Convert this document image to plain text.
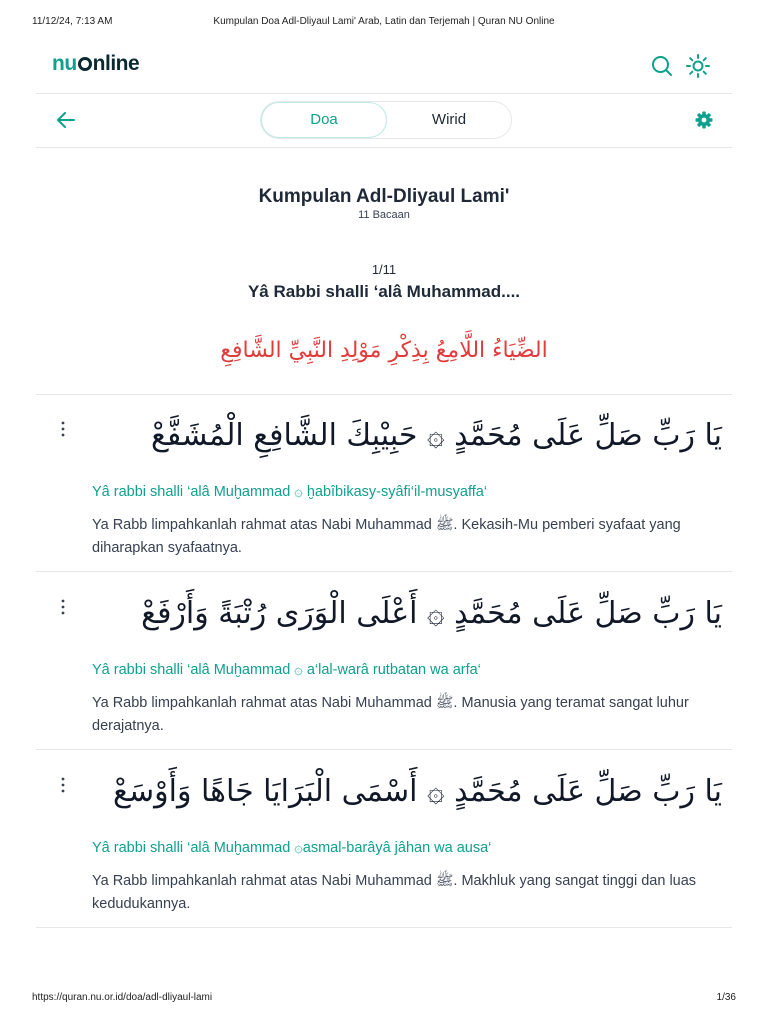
11/12/24, 7:13 AM	Kumpulan Doa Adl-Dliyaul Lami' Arab, Latin dan Terjemah | Quran NU Online
nu nline
Doa	Wirid
Kumpulan Adl-Dliyaul Lami'
11 Bacaan
1/11
Yâ Rabbi shalli ‘alâ Muhammad....
الضِّيَاءُ اللَّامِعُ بِذِكْرِ مَوْلِدِ النَّبِيِّ الشَّافِعِ
يَا رَبِّ صَلِّ عَلَى مُحَمَّدٍ ۞ حَبِيْبِكَ الشَّافِعِ الْمُشَفَّعْ
Yâ rabbi shalli ‘alâ Muḫammad ۞ ḫabîbikasy-syâfi‘il-musyaffa‘
Ya Rabb limpahkanlah rahmat atas Nabi Muhammad ﷺ. Kekasih-Mu pemberi syafaat yang diharapkan syafaatnya.
يَا رَبِّ صَلِّ عَلَى مُحَمَّدٍ ۞ أَعْلَى الْوَرَى رُتْبَةً وَأَرْفَعْ
Yâ rabbi shalli ‘alâ Muḫammad ۞ a‘lal-warâ rutbatan wa arfa‘
Ya Rabb limpahkanlah rahmat atas Nabi Muhammad ﷺ. Manusia yang teramat sangat luhur derajatnya.
يَا رَبِّ صَلِّ عَلَى مُحَمَّدٍ ۞ أَسْمَى الْبَرَايَا جَاهًا وَأَوْسَعْ
Yâ rabbi shalli ‘alâ Muḫammad ۞asmal-barâyâ jâhan wa ausa‘
Ya Rabb limpahkanlah rahmat atas Nabi Muhammad ﷺ. Makhluk yang sangat tinggi dan luas kedudukannya.
https://quran.nu.or.id/doa/adl-dliyaul-lami	1/36
